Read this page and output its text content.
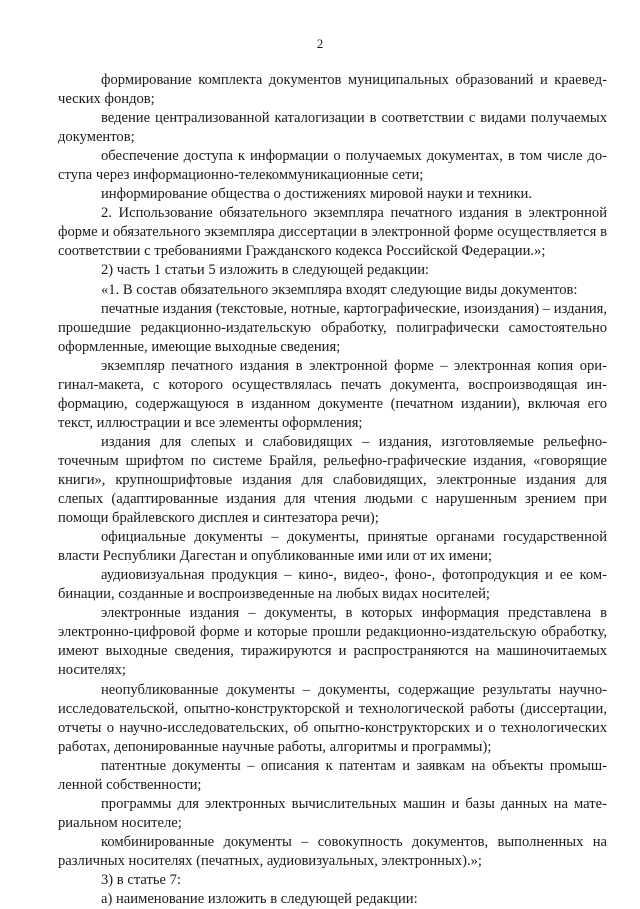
2

формирование комплекта документов муниципальных образований и краеведческих фондов;

ведение централизованной каталогизации в соответствии с видами получаемых документов;

обеспечение доступа к информации о получаемых документах, в том числе доступа через информационно-телекоммуникационные сети;

информирование общества о достижениях мировой науки и техники.

2. Использование обязательного экземпляра печатного издания в электронной форме и обязательного экземпляра диссертации в электронной форме осуществляется в соответствии с требованиями Гражданского кодекса Российской Федерации.»;

2) часть 1 статьи 5 изложить в следующей редакции:

«1. В состав обязательного экземпляра входят следующие виды документов:

печатные издания (текстовые, нотные, картографические, изоиздания) – издания, прошедшие редакционно-издательскую обработку, полиграфически самостоятельно оформленные, имеющие выходные сведения;

экземпляр печатного издания в электронной форме – электронная копия оригинал-макета, с которого осуществлялась печать документа, воспроизводящая информацию, содержащуюся в изданном документе (печатном издании), включая его текст, иллюстрации и все элементы оформления;

издания для слепых и слабовидящих – издания, изготовляемые рельефно-точечным шрифтом по системе Брайля, рельефно-графические издания, «говорящие книги», крупношрифтовые издания для слабовидящих, электронные издания для слепых (адаптированные издания для чтения людьми с нарушенным зрением при помощи брайлевского дисплея и синтезатора речи);

официальные документы – документы, принятые органами государственной власти Республики Дагестан и опубликованные ими или от их имени;

аудиовизуальная продукция – кино-, видео-, фоно-, фотопродукция и ее комбинации, созданные и воспроизведенные на любых видах носителей;

электронные издания – документы, в которых информация представлена в электронно-цифровой форме и которые прошли редакционно-издательскую обработку, имеют выходные сведения, тиражируются и распространяются на машиночитаемых носителях;

неопубликованные документы – документы, содержащие результаты научно-исследовательской, опытно-конструкторской и технологической работы (диссертации, отчеты о научно-исследовательских, об опытно-конструкторских и о технологических работах, депонированные научные работы, алгоритмы и программы);

патентные документы – описания к патентам и заявкам на объекты промышленной собственности;

программы для электронных вычислительных машин и базы данных на материальном носителе;

комбинированные документы – совокупность документов, выполненных на различных носителях (печатных, аудиовизуальных, электронных).»;

3) в статье 7:

а) наименование изложить в следующей редакции:
